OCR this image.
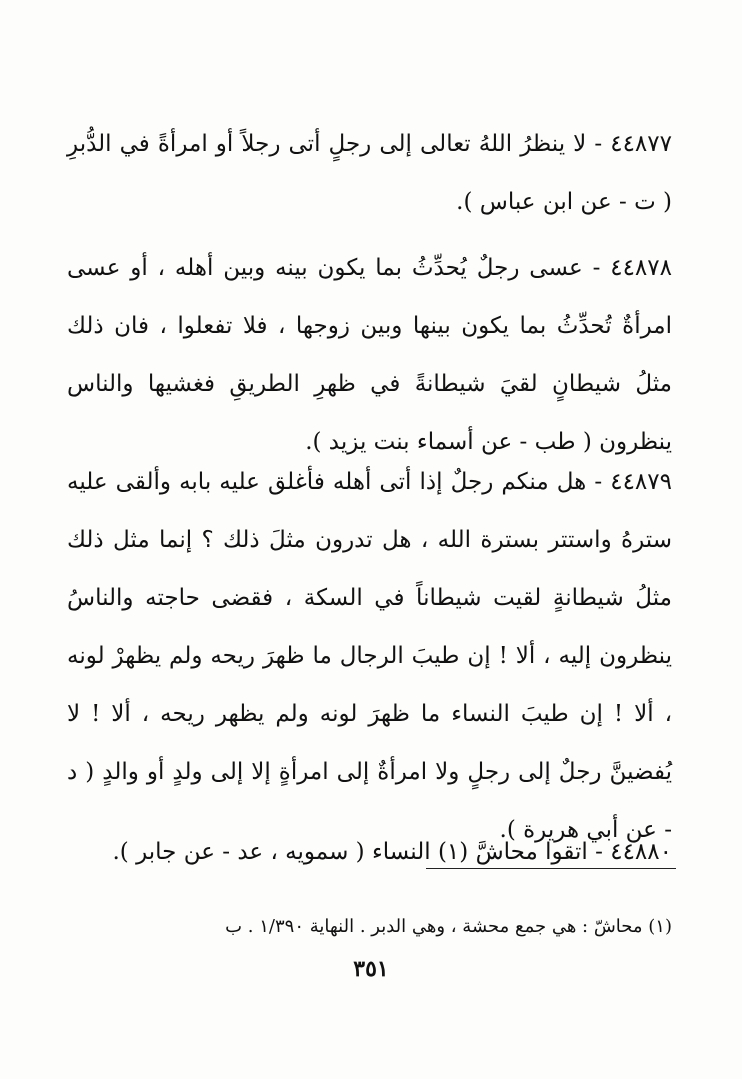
٤٤٨٧٧ - لا ينظرُ اللهُ تعالى إلى رجلٍ أتى رجلاً أو امرأةً في الدُّبرِ ( ت - عن ابن عباس ).

٤٤٨٧٨ - عسى رجلٌ يُحدِّثُ بما يكون بينه وبين أهله ، أو عسى امرأةٌ تُحدِّثُ بما يكون بينها وبين زوجها ، فلا تفعلوا ، فان ذلك مثلُ شيطانٍ لقيَ شيطانةً في ظهرِ الطريقِ فغشيها والناس ينظرون ( طب - عن أسماء بنت يزيد ).

٤٤٨٧٩ - هل منكم رجلٌ إذا أتى أهله فأغلق عليه بابه وألقى عليه سترهُ واستتر بسترة الله ، هل تدرون مثلَ ذلك ؟ إنما مثل ذلك مثلُ شيطانةٍ لقيت شيطاناً في السكة ، فقضى حاجته والناسُ ينظرون إليه ، ألا ! إن طيبَ الرجال ما ظهرَ ريحه ولم يظهرْ لونه ، ألا ! إن طيبَ النساء ما ظهرَ لونه ولم يظهر ريحه ، ألا ! لا يُفضينَّ رجلٌ إلى رجلٍ ولا امرأةٌ إلى امرأةٍ إلا إلى ولدٍ أو والدٍ ( د - عن أبي هريرة ).

٤٤٨٨٠ - اتقوا محاشَّ (١) النساء ( سمويه ، عد - عن جابر ).

(١) محاشّ : هي جمع محشة ، وهي الدبر . النهاية ١/٣٩٠ . ب

٣٥١
